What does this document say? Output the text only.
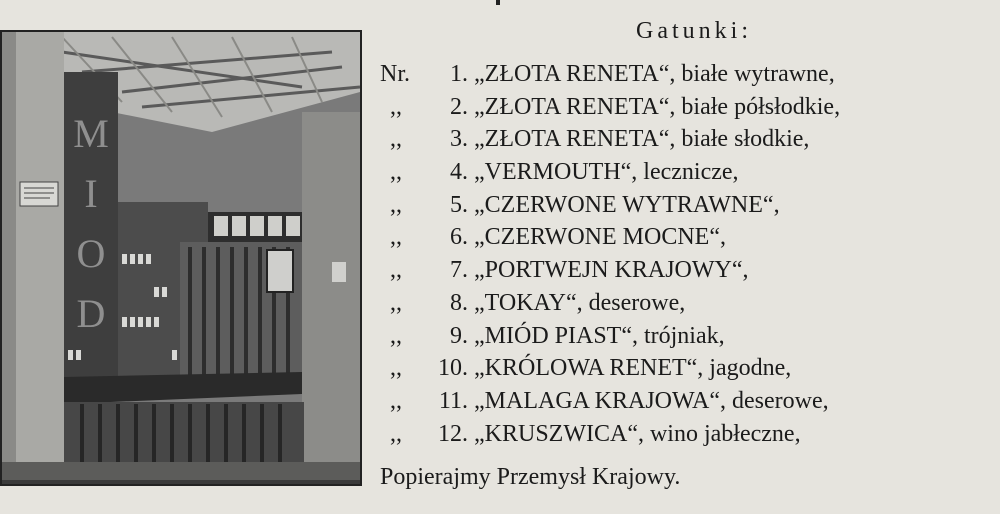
M
I
O
D
Gatunki:
Nr.	1. „ZŁOTA RENETA“, białe wytrawne,
,,	2. „ZŁOTA RENETA“, białe półsłodkie,
,,	3. „ZŁOTA RENETA“, białe słodkie,
,,	4. „VERMOUTH“, lecznicze,
,,	5. „CZERWONE WYTRAWNE“,
,,	6. „CZERWONE MOCNE“,
,,	7. „PORTWEJN KRAJOWY“,
,,	8. „TOKAY“, deserowe,
,,	9. „MIÓD PIAST“, trójniak,
,,	10. „KRÓLOWA RENET“, jagodne,
,,	11. „MALAGA KRAJOWA“, deserowe,
,,	12. „KRUSZWICA“, wino jabłeczne,
Popierajmy Przemysł Krajowy.
